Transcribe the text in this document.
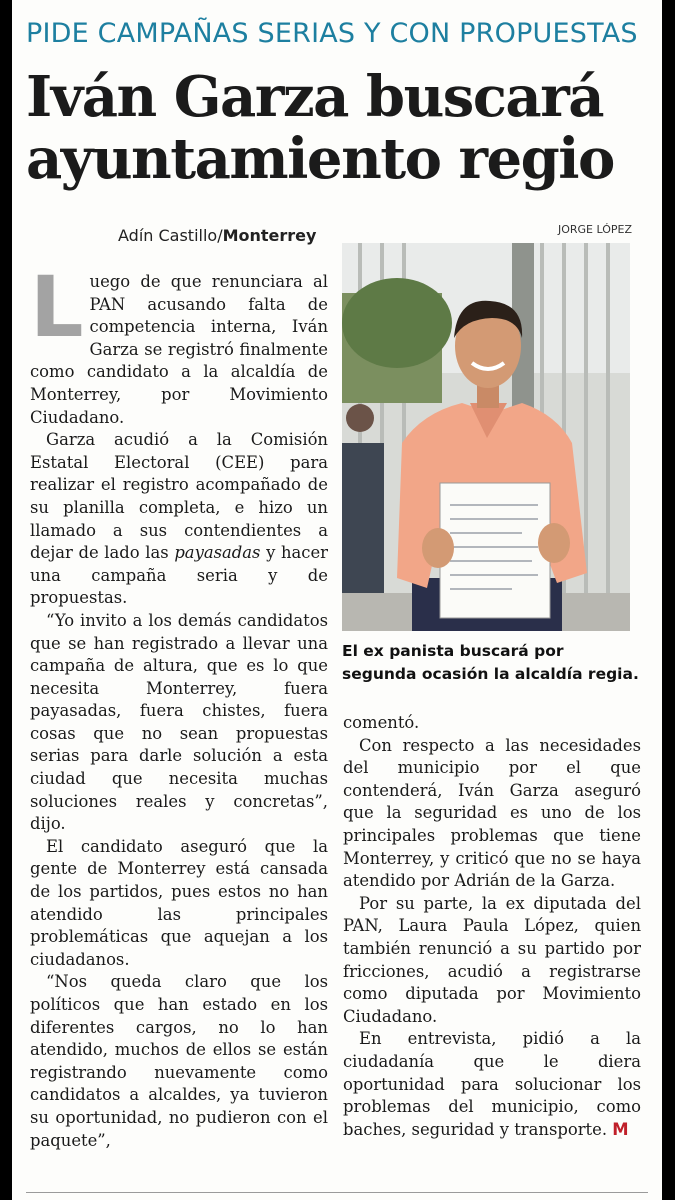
PIDE CAMPAÑAS SERIAS Y CON PROPUESTAS
Iván Garza buscará ayuntamiento regio
Adín Castillo/Monterrey	JORGE LÓPEZ
El ex panista buscará por segunda ocasión la alcaldía regia.

Luego de que renunciara al PAN acusando falta de competencia interna, Iván Garza se registró finalmente como candidato a la alcaldía de Monterrey, por Movimiento Ciudadano.

Garza acudió a la Comisión Estatal Electoral (CEE) para realizar el registro acompañado de su planilla completa, e hizo un llamado a sus contendientes a dejar de lado las payasadas y hacer una campaña seria y de propuestas.

“Yo invito a los demás candidatos que se han registrado a llevar una campaña de altura, que es lo que necesita Monterrey, fuera payasadas, fuera chistes, fuera cosas que no sean propuestas serias para darle solución a esta ciudad que necesita muchas soluciones reales y concretas”, dijo.

El candidato aseguró que la gente de Monterrey está cansada de los partidos, pues estos no han atendido las principales problemáticas que aquejan a los ciudadanos.

“Nos queda claro que los políticos que han estado en los diferentes cargos, no lo han atendido, muchos de ellos se están registrando nuevamente como candidatos a alcaldes, ya tuvieron su oportunidad, no pudieron con el paquete”,

comentó.

Con respecto a las necesidades del municipio por el que contenderá, Iván Garza aseguró que la seguridad es uno de los principales problemas que tiene Monterrey, y criticó que no se haya atendido por Adrián de la Garza.

Por su parte, la ex diputada del PAN, Laura Paula López, quien también renunció a su partido por fricciones, acudió a registrarse como diputada por Movimiento Ciudadano.

En entrevista, pidió a la ciudadanía que le diera oportunidad para solucionar los problemas del municipio, como baches, seguridad y transporte. M
